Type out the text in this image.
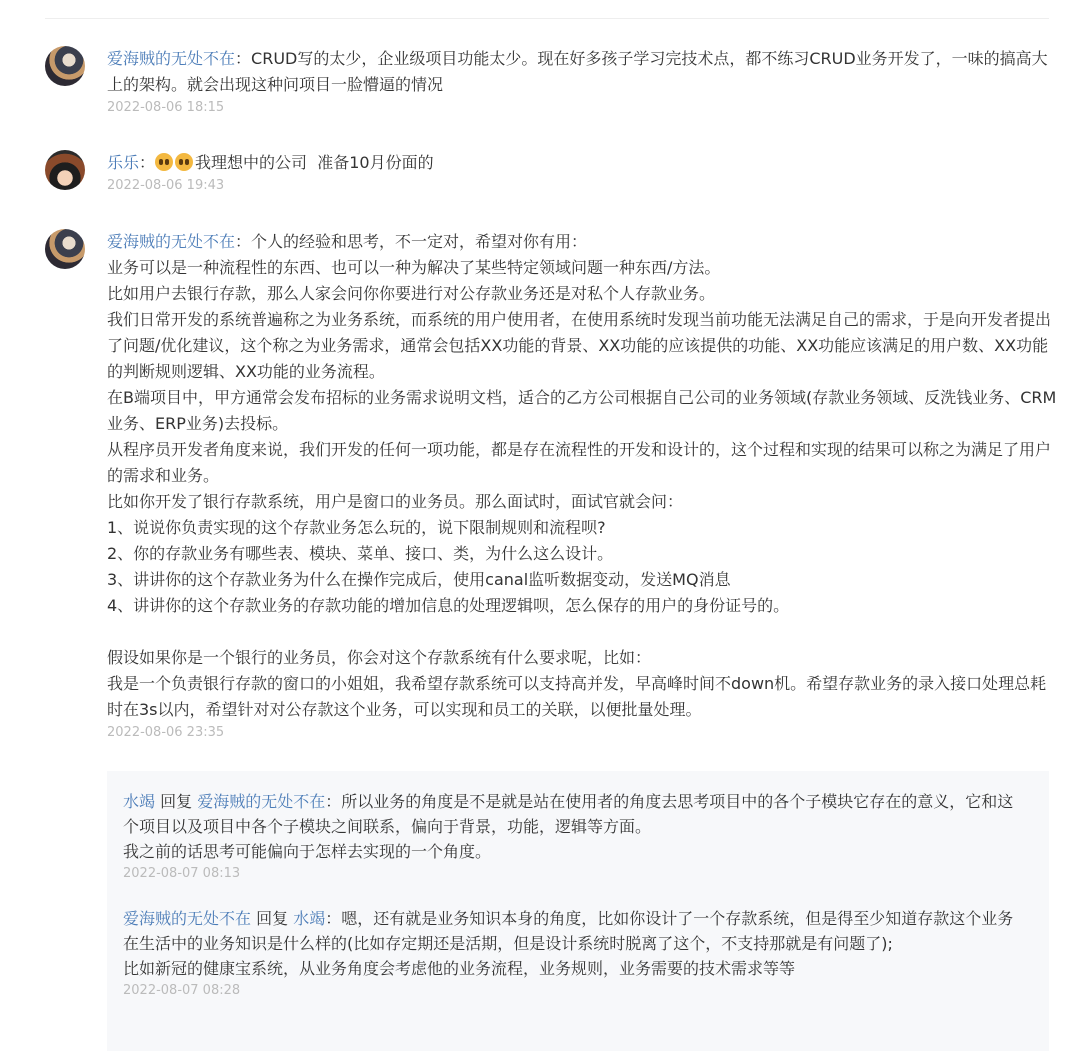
爱海贼的无处不在：CRUD写的太少，企业级项目功能太少。现在好多孩子学习完技术点，都不练习CRUD业务开发了，一味的搞高大上的架构。就会出现这种问项目一脸懵逼的情况
2022-08-06 18:15
乐乐：	我理想中的公司  准备10月份面的
2022-08-06 19:43
爱海贼的无处不在：个人的经验和思考，不一定对，希望对你有用：
业务可以是一种流程性的东西、也可以一种为解决了某些特定领域问题一种东西/方法。
比如用户去银行存款，那么人家会问你你要进行对公存款业务还是对私个人存款业务。
我们日常开发的系统普遍称之为业务系统，而系统的用户使用者，在使用系统时发现当前功能无法满足自己的需求，于是向开发者提出了问题/优化建议，这个称之为业务需求，通常会包括XX功能的背景、XX功能的应该提供的功能、XX功能应该满足的用户数、XX功能的判断规则逻辑、XX功能的业务流程。
在B端项目中，甲方通常会发布招标的业务需求说明文档，适合的乙方公司根据自己公司的业务领域(存款业务领域、反洗钱业务、CRM业务、ERP业务)去投标。
从程序员开发者角度来说，我们开发的任何一项功能，都是存在流程性的开发和设计的，这个过程和实现的结果可以称之为满足了用户的需求和业务。
比如你开发了银行存款系统，用户是窗口的业务员。那么面试时，面试官就会问：
1、说说你负责实现的这个存款业务怎么玩的，说下限制规则和流程呗?
2、你的存款业务有哪些表、模块、菜单、接口、类，为什么这么设计。
3、讲讲你的这个存款业务为什么在操作完成后，使用canal监听数据变动，发送MQ消息
4、讲讲你的这个存款业务的存款功能的增加信息的处理逻辑呗，怎么保存的用户的身份证号的。

假设如果你是一个银行的业务员，你会对这个存款系统有什么要求呢，比如：
我是一个负责银行存款的窗口的小姐姐，我希望存款系统可以支持高并发，早高峰时间不down机。希望存款业务的录入接口处理总耗时在3s以内，希望针对对公存款这个业务，可以实现和员工的关联，以便批量处理。
2022-08-06 23:35
水竭 回复 爱海贼的无处不在：所以业务的角度是不是就是站在使用者的角度去思考项目中的各个子模块它存在的意义，它和这个项目以及项目中各个子模块之间联系，偏向于背景，功能，逻辑等方面。
我之前的话思考可能偏向于怎样去实现的一个角度。
2022-08-07 08:13
爱海贼的无处不在 回复 水竭：嗯，还有就是业务知识本身的角度，比如你设计了一个存款系统，但是得至少知道存款这个业务在生活中的业务知识是什么样的(比如存定期还是活期，但是设计系统时脱离了这个，不支持那就是有问题了);
比如新冠的健康宝系统，从业务角度会考虑他的业务流程，业务规则，业务需要的技术需求等等
2022-08-07 08:28
